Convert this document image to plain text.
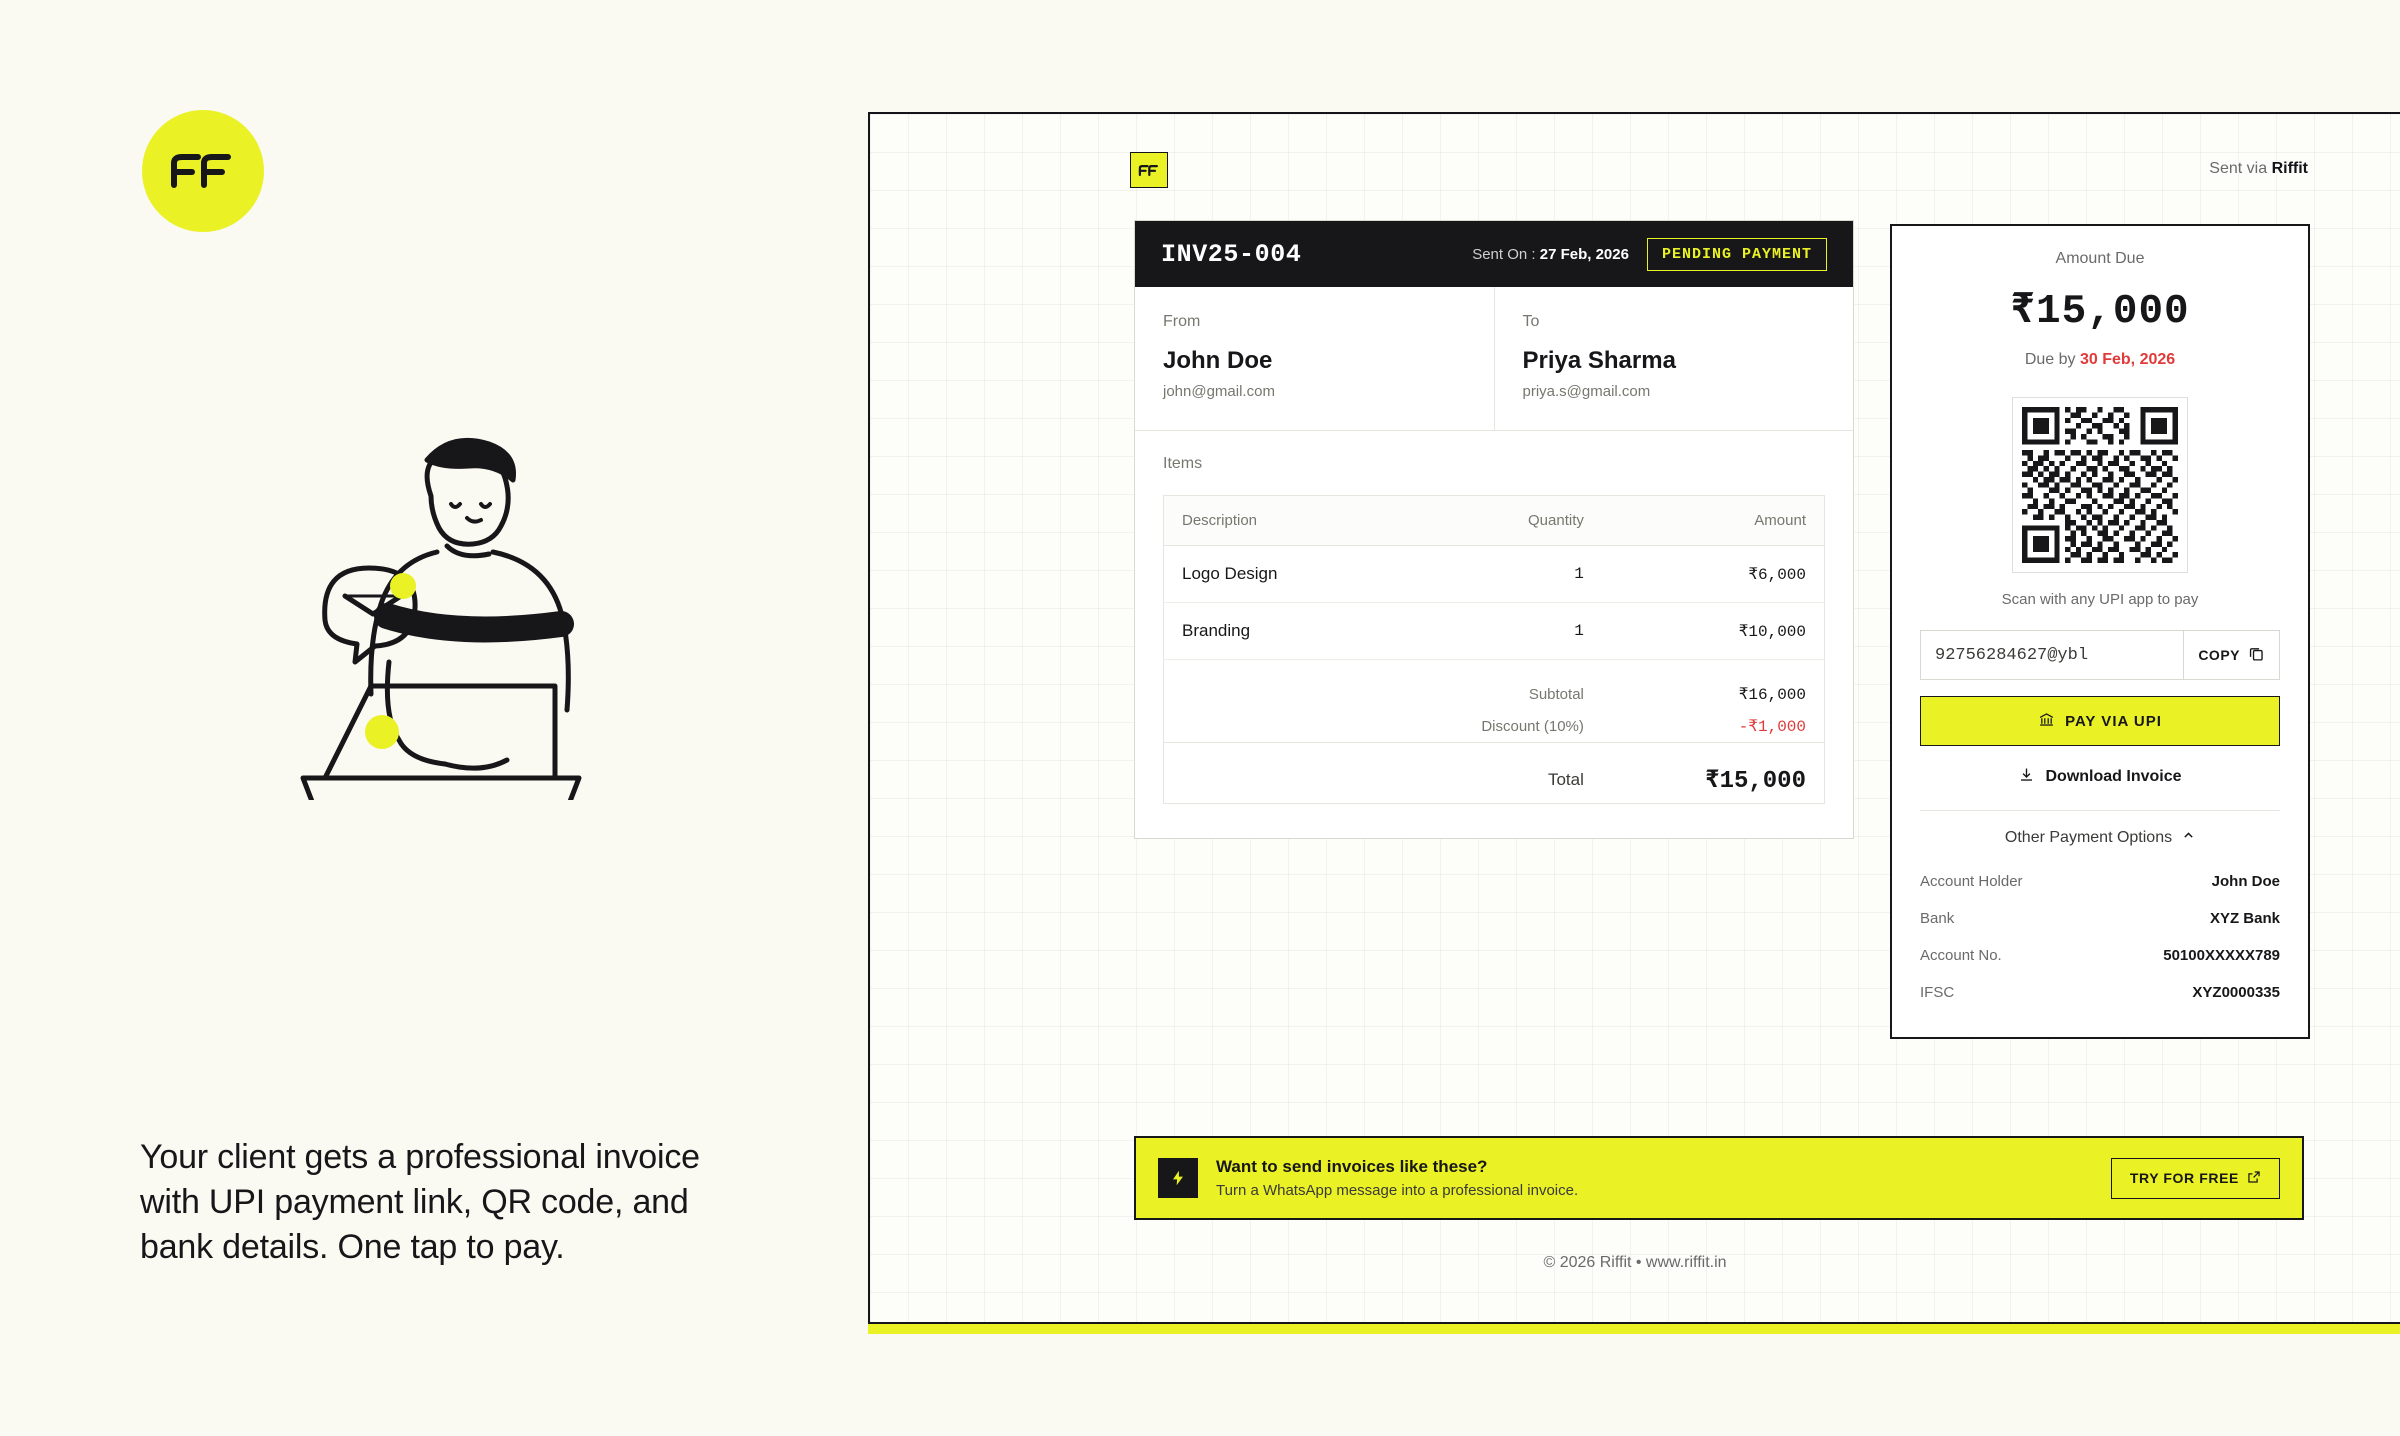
Your client gets a professional invoice with UPI payment link, QR code, and bank details. One tap to pay.
Sent via Riffit
INV25-004	Sent On : 27 Feb, 2026	PENDING PAYMENT
From
John Doe
john@gmail.com
To
Priya Sharma
priya.s@gmail.com
Items
Description	Quantity	Amount
Logo Design	1	₹6,000
Branding	1	₹10,000
	Subtotal	₹16,000
	Discount (10%)	-₹1,000
	Total	₹15,000
Amount Due
₹15,000
Due by 30 Feb, 2026
Scan with any UPI app to pay
92756284627@ybl	COPY
PAY VIA UPI
Download Invoice
Other Payment Options
Account Holder	John Doe
Bank	XYZ Bank
Account No.	50100XXXXX789
IFSC	XYZ0000335
Want to send invoices like these?
Turn a WhatsApp message into a professional invoice.
TRY FOR FREE
© 2026 Riffit • www.riffit.in
